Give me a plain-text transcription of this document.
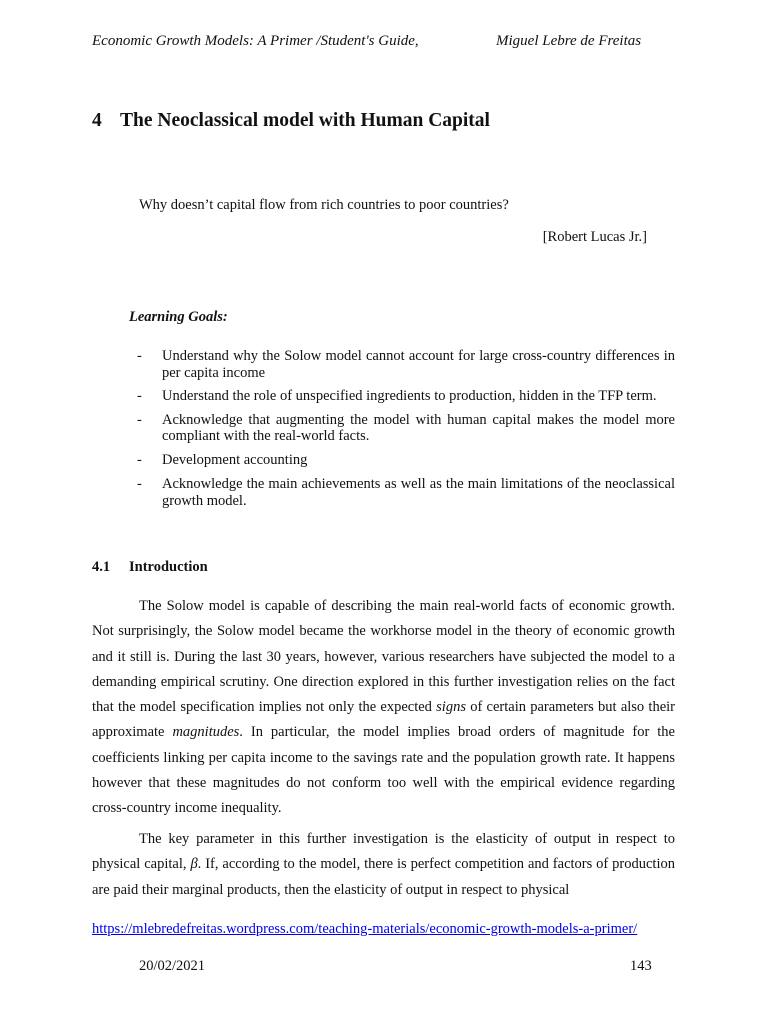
Economic Growth Models: A Primer /Student's Guide,	Miguel Lebre de Freitas
4 The Neoclassical model with Human Capital
Why doesn’t capital flow from rich countries to poor countries?
[Robert Lucas Jr.]
Learning Goals:
- Understand why the Solow model cannot account for large cross-country differences in per capita income
- Understand the role of unspecified ingredients to production, hidden in the TFP term.
- Acknowledge that augmenting the model with human capital makes the model more compliant with the real-world facts.
- Development accounting
- Acknowledge the main achievements as well as the main limitations of the neoclassical growth model.
4.1 Introduction

The Solow model is capable of describing the main real-world facts of economic growth. Not surprisingly, the Solow model became the workhorse model in the theory of economic growth and it still is. During the last 30 years, however, various researchers have subjected the model to a demanding empirical scrutiny. One direction explored in this further investigation relies on the fact that the model specification implies not only the expected signs of certain parameters but also their approximate magnitudes. In particular, the model implies broad orders of magnitude for the coefficients linking per capita income to the savings rate and the population growth rate. It happens however that these magnitudes do not conform too well with the empirical evidence regarding cross-country income inequality.

The key parameter in this further investigation is the elasticity of output in respect to physical capital, β. If, according to the model, there is perfect competition and factors of production are paid their marginal products, then the elasticity of output in respect to physical

https://mlebredefreitas.wordpress.com/teaching-materials/economic-growth-models-a-primer/
20/02/2021	143
